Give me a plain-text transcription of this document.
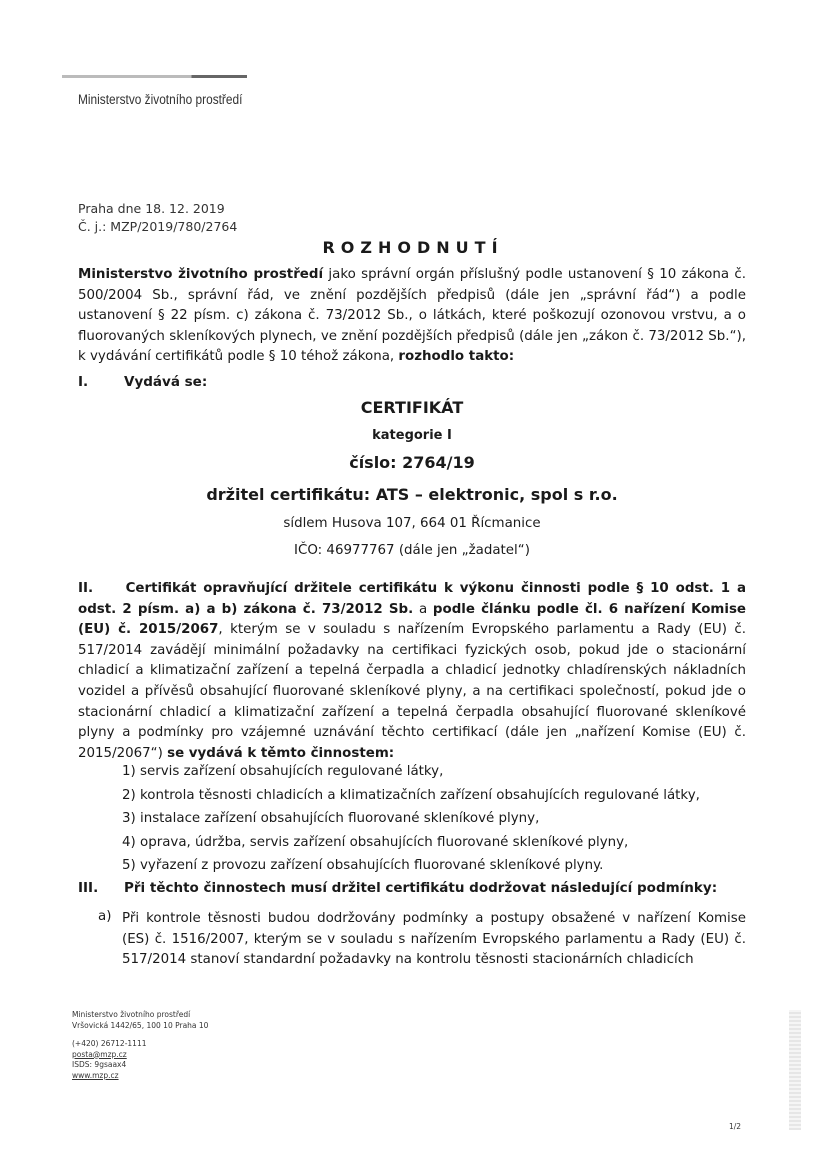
Ministerstvo životního prostředí
Praha dne 18. 12. 2019
Č. j.: MZP/2019/780/2764
ROZHODNUTÍ
Ministerstvo životního prostředí jako správní orgán příslušný podle ustanovení § 10 zákona č. 500/2004 Sb., správní řád, ve znění pozdějších předpisů (dále jen „správní řád“) a podle ustanovení § 22 písm. c) zákona č. 73/2012 Sb., o látkách, které poškozují ozonovou vrstvu, a o fluorovaných skleníkových plynech, ve znění pozdějších předpisů (dále jen „zákon č. 73/2012 Sb.“), k vydávání certifikátů podle § 10 téhož zákona, rozhodlo takto:
I.	Vydává se:
CERTIFIKÁT
kategorie I
číslo: 2764/19
držitel certifikátu: ATS – elektronic, spol s r.o.
sídlem Husova 107, 664 01 Řícmanice
IČO: 46977767 (dále jen „žadatel“)
II. Certifikát opravňující držitele certifikátu k výkonu činnosti podle § 10 odst. 1 a odst. 2 písm. a) a b) zákona č. 73/2012 Sb. a podle článku podle čl. 6 nařízení Komise (EU) č. 2015/2067, kterým se v souladu s nařízením Evropského parlamentu a Rady (EU) č. 517/2014 zavádějí minimální požadavky na certifikaci fyzických osob, pokud jde o stacionární chladicí a klimatizační zařízení a tepelná čerpadla a chladicí jednotky chladírenských nákladních vozidel a přívěsů obsahující fluorované skleníkové plyny, a na certifikaci společností, pokud jde o stacionární chladicí a klimatizační zařízení a tepelná čerpadla obsahující fluorované skleníkové plyny a podmínky pro vzájemné uznávání těchto certifikací (dále jen „nařízení Komise (EU) č. 2015/2067“) se vydává k těmto činnostem:
1) servis zařízení obsahujících regulované látky,
2) kontrola těsnosti chladicích a klimatizačních zařízení obsahujících regulované látky,
3) instalace zařízení obsahujících fluorované skleníkové plyny,
4) oprava, údržba, servis zařízení obsahujících fluorované skleníkové plyny,
5) vyřazení z provozu zařízení obsahujících fluorované skleníkové plyny.
III. Při těchto činnostech musí držitel certifikátu dodržovat následující podmínky:
a) Při kontrole těsnosti budou dodržovány podmínky a postupy obsažené v nařízení Komise (ES) č. 1516/2007, kterým se v souladu s nařízením Evropského parlamentu a Rady (EU) č. 517/2014 stanoví standardní požadavky na kontrolu těsnosti stacionárních chladicích
Ministerstvo životního prostředí
Vršovická 1442/65, 100 10 Praha 10
(+420) 26712-1111
posta@mzp.cz
ISDS: 9gsaax4
www.mzp.cz
1/2
